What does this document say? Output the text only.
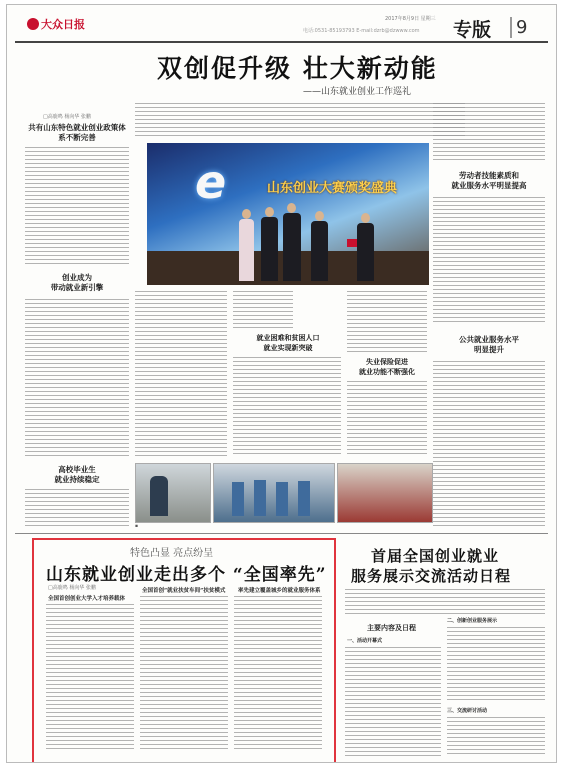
大众日报	2017年8月9日 星期三
电话:0531-85193793 E-mail:dzrb@dzwww.com 专版	9
双创促升级 壮大新动能
——山东就业创业工作巡礼
□高鹿鸣 杨向华 张鹏
共有山东特色就业创业政策体系不断完善
创业成为
带动就业新引擎
高校毕业生
就业持续稳定
劳动者技能素质和
就业服务水平明显提高
公共就业服务水平
明显提升
e	山东创业大赛颁奖盛典
就业困难和贫困人口
就业实现新突破
失业保险促进
就业功能不断强化
▪
特色凸显 亮点纷呈
山东就业创业走出多个 “全国率先”
□高鹿鸣 杨向华 张鹏
全国首创创业大学入才培养载体
全国首创“就业扶贫车间”扶贫模式 率先建立覆盖城乡的就业服务体系
首届全国创业就业
服务展示交流活动日程
主要内容及日程
一、活动开幕式
二、创新创业服务展示
三、交流研讨活动
